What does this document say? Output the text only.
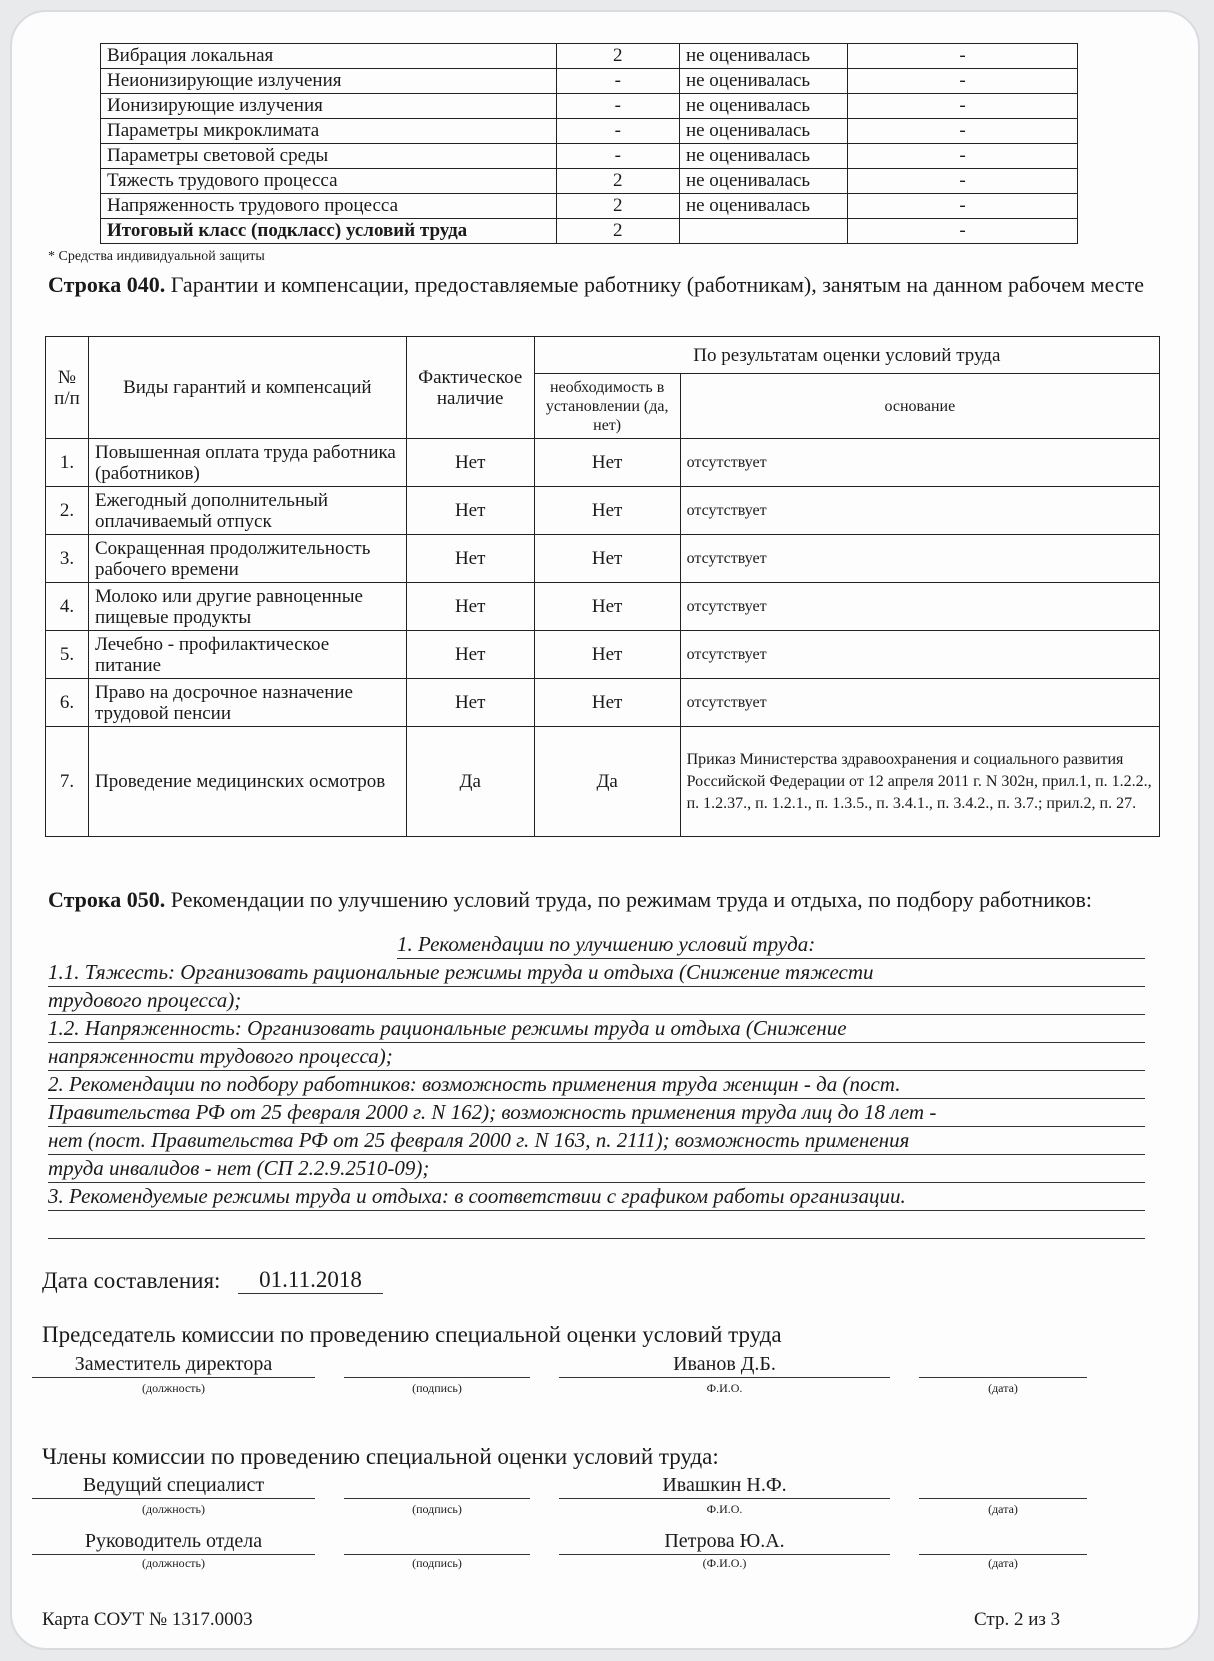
Вибрация локальная	2	не оценивалась	-
Неионизирующие излучения	-	не оценивалась	-
Ионизирующие излучения	-	не оценивалась	-
Параметры микроклимата	-	не оценивалась	-
Параметры световой среды	-	не оценивалась	-
Тяжесть трудового процесса	2	не оценивалась	-
Напряженность трудового процесса	2	не оценивалась	-
Итоговый класс (подкласс) условий труда	2		-
* Средства индивидуальной защиты
Строка 040. Гарантии и компенсации, предоставляемые работнику (работникам), занятым на данном рабочем месте
№ п/п	Виды гарантий и компенсаций	Фактическое наличие	По результатам оценки условий труда	
			необходимость в установлении (да, нет)	основание
1.	Повышенная оплата труда работника (работников)	Нет	Нет	отсутствует
2.	Ежегодный дополнительный оплачиваемый отпуск	Нет	Нет	отсутствует
3.	Сокращенная продолжительность рабочего времени	Нет	Нет	отсутствует
4.	Молоко или другие равноценные пищевые продукты	Нет	Нет	отсутствует
5.	Лечебно - профилактическое питание	Нет	Нет	отсутствует
6.	Право на досрочное назначение трудовой пенсии	Нет	Нет	отсутствует
7.	Проведение медицинских осмотров	Да	Да	Приказ Министерства здравоохранения и социального развития Российской Федерации от 12 апреля 2011 г. N 302н, прил.1, п. 1.2.2., п. 1.2.37., п. 1.2.1., п. 1.3.5., п. 3.4.1., п. 3.4.2., п. 3.7.; прил.2, п. 27.
Строка 050. Рекомендации по улучшению условий труда, по режимам труда и отдыха, по подбору работников:
1. Рекомендации по улучшению условий труда:
1.1. Тяжесть: Организовать рациональные режимы труда и отдыха (Снижение тяжести
трудового процесса);
1.2. Напряженность: Организовать рациональные режимы труда и отдыха (Снижение
напряженности трудового процесса);
2. Рекомендации по подбору работников: возможность применения труда женщин - да (пост.
Правительства РФ от 25 февраля 2000 г. N 162); возможность применения труда лиц до 18 лет -
нет (пост. Правительства РФ от 25 февраля 2000 г. N 163, п. 2111); возможность применения
труда инвалидов - нет (СП 2.2.9.2510-09);
3. Рекомендуемые режимы труда и отдыха: в соответствии с графиком работы организации.
Дата составления:	01.11.2018
Председатель комиссии по проведению специальной оценки условий труда
Заместитель директора	Иванов Д.Б.
(должность)	(подпись)	Ф.И.О.	(дата)
Члены комиссии по проведению специальной оценки условий труда:
Ведущий специалист	Ивашкин Н.Ф.
(должность)	(подпись)	Ф.И.О.	(дата)
Руководитель отдела	Петрова Ю.А.
(должность)	(подпись)	(Ф.И.О.)	(дата)
Карта СОУТ № 1317.0003	Стр. 2 из 3
